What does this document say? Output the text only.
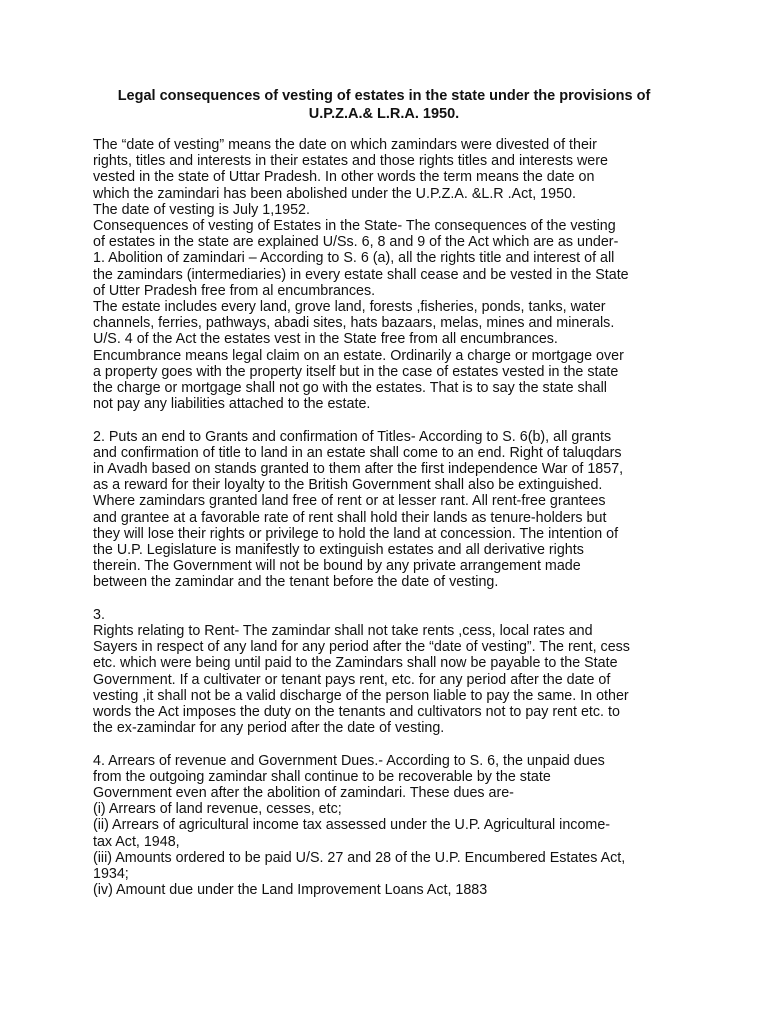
Legal consequences of vesting of estates in the state under the provisions of
U.P.Z.A.& L.R.A. 1950.

The “date of vesting” means the date on which zamindars were divested of their
rights, titles and interests in their estates and those rights titles and interests were
vested in the state of Uttar Pradesh. In other words the term means the date on
which the zamindari has been abolished under the U.P.Z.A. &L.R .Act, 1950.
The date of vesting is July 1,1952.
Consequences of vesting of Estates in the State- The consequences of the vesting
of estates in the state are explained U/Ss. 6, 8 and 9 of the Act which are as under-
1. Abolition of zamindari – According to S. 6 (a), all the rights title and interest of all
the zamindars (intermediaries) in every estate shall cease and be vested in the State
of Utter Pradesh free from al encumbrances.
The estate includes every land, grove land, forests ,fisheries, ponds, tanks, water
channels, ferries, pathways, abadi sites, hats bazaars, melas, mines and minerals.
U/S. 4 of the Act the estates vest in the State free from all encumbrances.
Encumbrance means legal claim on an estate. Ordinarily a charge or mortgage over
a property goes with the property itself but in the case of estates vested in the state
the charge or mortgage shall not go with the estates. That is to say the state shall
not pay any liabilities attached to the estate.

2. Puts an end to Grants and confirmation of Titles- According to S. 6(b), all grants
and confirmation of title to land in an estate shall come to an end. Right of taluqdars
in Avadh based on stands granted to them after the first independence War of 1857,
as a reward for their loyalty to the British Government shall also be extinguished.
Where zamindars granted land free of rent or at lesser rant. All rent-free grantees
and grantee at a favorable rate of rent shall hold their lands as tenure-holders but
they will lose their rights or privilege to hold the land at concession. The intention of
the U.P. Legislature is manifestly to extinguish estates and all derivative rights
therein. The Government will not be bound by any private arrangement made
between the zamindar and the tenant before the date of vesting.

3.

Rights relating to Rent- The zamindar shall not take rents ,cess, local rates and
Sayers in respect of any land for any period after the “date of vesting”. The rent, cess
etc. which were being until paid to the Zamindars shall now be payable to the State
Government. If a cultivater or tenant pays rent, etc. for any period after the date of
vesting ,it shall not be a valid discharge of the person liable to pay the same. In other
words the Act imposes the duty on the tenants and cultivators not to pay rent etc. to
the ex-zamindar for any period after the date of vesting.

4. Arrears of revenue and Government Dues.- According to S. 6, the unpaid dues
from the outgoing zamindar shall continue to be recoverable by the state
Government even after the abolition of zamindari. These dues are-
(i) Arrears of land revenue, cesses, etc;
(ii) Arrears of agricultural income tax assessed under the U.P. Agricultural income-
tax Act, 1948,
(iii) Amounts ordered to be paid U/S. 27 and 28 of the U.P. Encumbered Estates Act,
1934;
(iv) Amount due under the Land Improvement Loans Act, 1883
